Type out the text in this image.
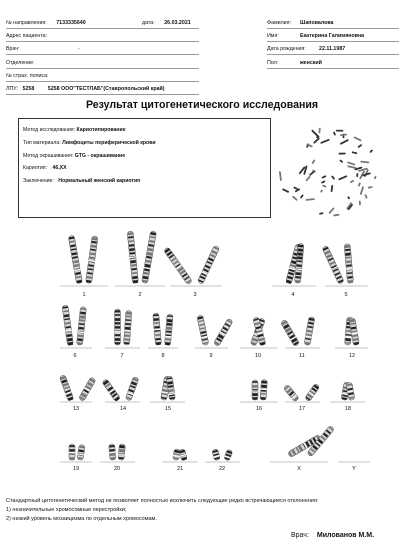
№ направления: 7133335640	дата: 26.03.2021
Адрес пациента:
Врач:	-
Отделение:
№ страх. полиса:
ЛПУ: 5258	5258 ООО"ТЕСТЛАБ"(Ставропольский край)
Фамилия: Шаповалова
Имя:	Екатерина Галимяновна
Дата рождения: 22.11.1987
Пол:	женский
Результат цитогенетического исследования
Метод исследования: Кариотипирование
Тип материала: Лимфоциты периферической крови
Метод окрашивания: GTG - окрашивание
Кариотип: 46,XX
Заключение: Нормальный женский кариотип
1	2	3	4	5
6	7	8	9	10	11	12
13	14	15	16	17	18
19	20	21	22	X	Y
Стандартный цитогенетический метод не позволяет полностью исключить следующие редко встречающиеся отклонения:
1) незначительные хромосомные перестройки;
2) низкий уровень мозаицизма по отдельным хромосомам.
Врач: Милованов М.М.
